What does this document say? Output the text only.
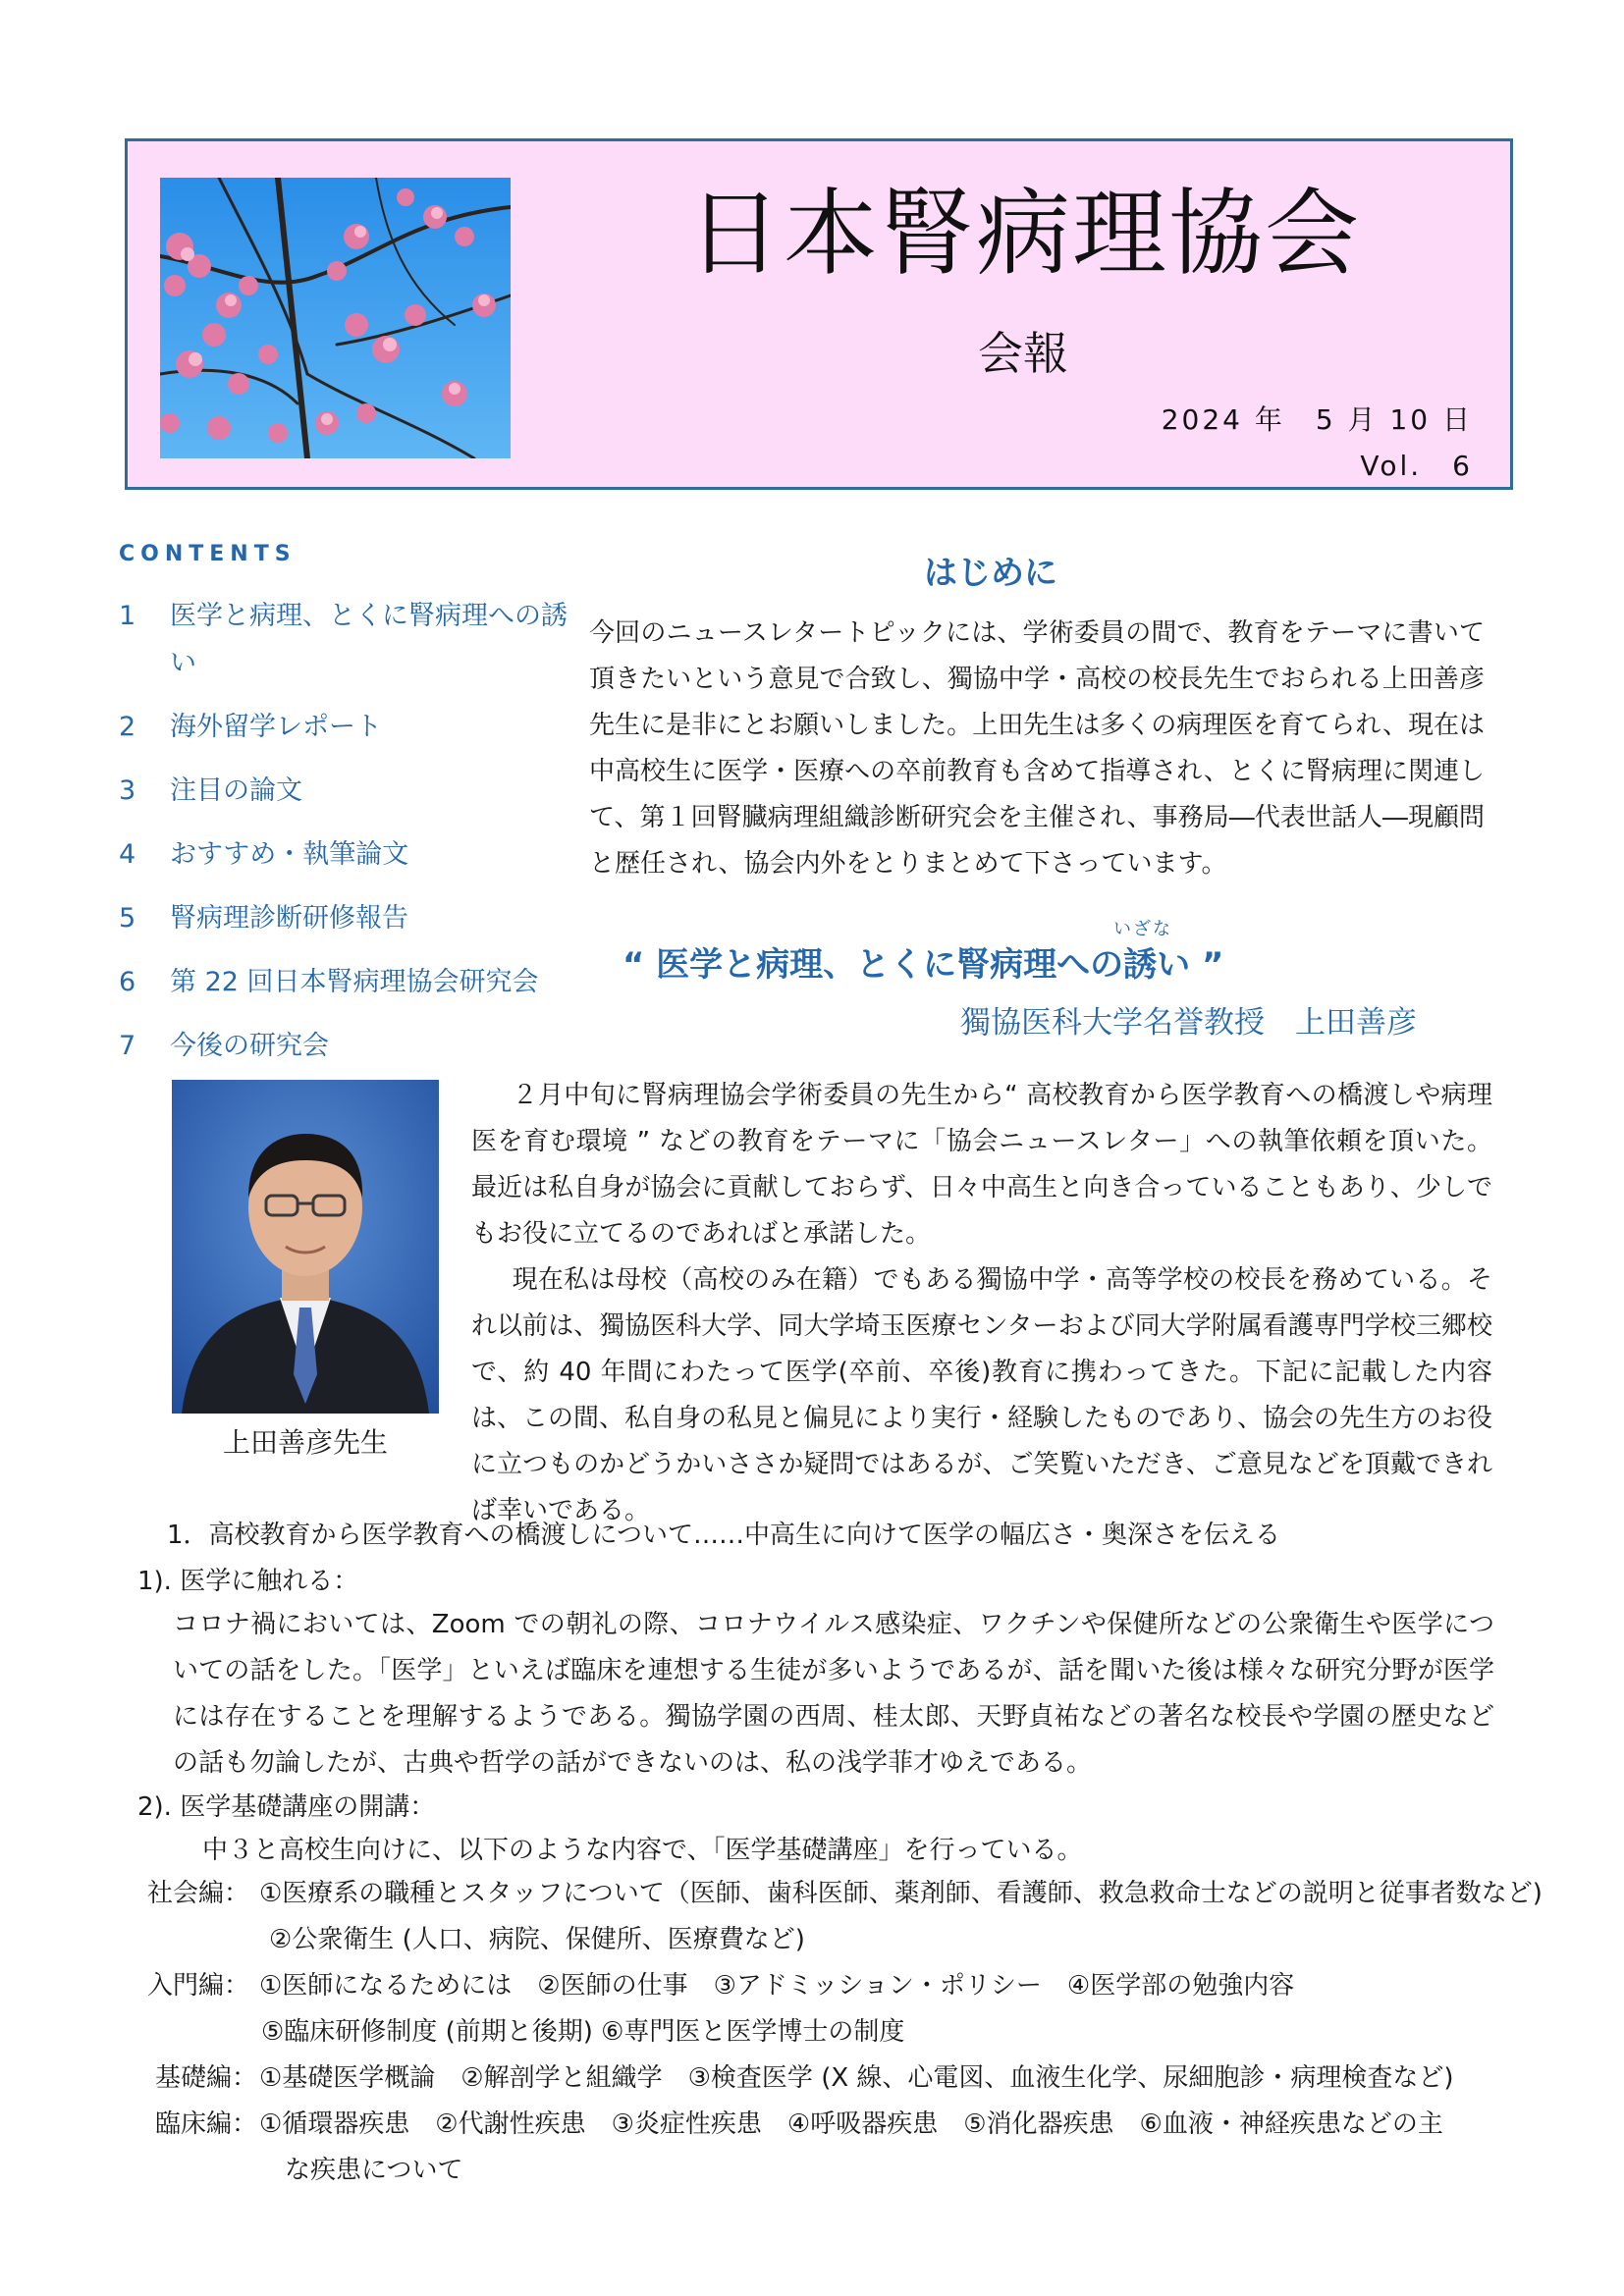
日本腎病理協会
会報
2024 年　5 月 10 日
Vol.　6
CONTENTS
1 医学と病理、とくに腎病理への誘い
2 海外留学レポート
3 注目の論文
4 おすすめ・執筆論文
5 腎病理診断研修報告
6 第 22 回日本腎病理協会研究会
7 今後の研究会
上田善彦先生
はじめに

今回のニュースレタートピックには、学術委員の間で、教育をテーマに書いて頂きたいという意見で合致し、獨協中学・高校の校長先生でおられる上田善彦先生に是非にとお願いしました。上田先生は多くの病理医を育てられ、現在は中高校生に医学・医療への卒前教育も含めて指導され、とくに腎病理に関連して、第１回腎臓病理組織診断研究会を主催され、事務局―代表世話人―現顧問と歴任され、協会内外をとりまとめて下さっています。

いざな
“ 医学と病理、とくに腎病理への誘い ”
獨協医科大学名誉教授　上田善彦

２月中旬に腎病理協会学術委員の先生から“ 高校教育から医学教育への橋渡しや病理医を育む環境 ” などの教育をテーマに「協会ニュースレター」への執筆依頼を頂いた。最近は私自身が協会に貢献しておらず、日々中高生と向き合っていることもあり、少しでもお役に立てるのであればと承諾した。

現在私は母校（高校のみ在籍）でもある獨協中学・高等学校の校長を務めている。それ以前は、獨協医科大学、同大学埼玉医療センターおよび同大学附属看護専門学校三郷校で、約 40 年間にわたって医学(卒前、卒後)教育に携わってきた。下記に記載した内容は、この間、私自身の私見と偏見により実行・経験したものであり、協会の先生方のお役に立つものかどうかいささか疑問ではあるが、ご笑覧いただき、ご意見などを頂戴できれば幸いである。

1．高校教育から医学教育への橋渡しについて……中高生に向けて医学の幅広さ・奥深さを伝える
1). 医学に触れる：

コロナ禍においては、Zoom での朝礼の際、コロナウイルス感染症、ワクチンや保健所などの公衆衛生や医学についての話をした。「医学」といえば臨床を連想する生徒が多いようであるが、話を聞いた後は様々な研究分野が医学には存在することを理解するようである。獨協学園の西周、桂太郎、天野貞祐などの著名な校長や学園の歴史などの話も勿論したが、古典や哲学の話ができないのは、私の浅学菲才ゆえである。

2). 医学基礎講座の開講：
中３と高校生向けに、以下のような内容で、「医学基礎講座」を行っている。
社会編： ①医療系の職種とスタッフについて（医師、歯科医師、薬剤師、看護師、救急救命士などの説明と従事者数など)
②公衆衛生 (人口、病院、保健所、医療費など)
入門編： ①医師になるためには　②医師の仕事　③アドミッション・ポリシー　④医学部の勉強内容
⑤臨床研修制度 (前期と後期) ⑥専門医と医学博士の制度
基礎編： ①基礎医学概論　②解剖学と組織学　③検査医学 (X 線、心電図、血液生化学、尿細胞診・病理検査など)
臨床編： ①循環器疾患　②代謝性疾患　③炎症性疾患　④呼吸器疾患　⑤消化器疾患　⑥血液・神経疾患などの主
な疾患について
